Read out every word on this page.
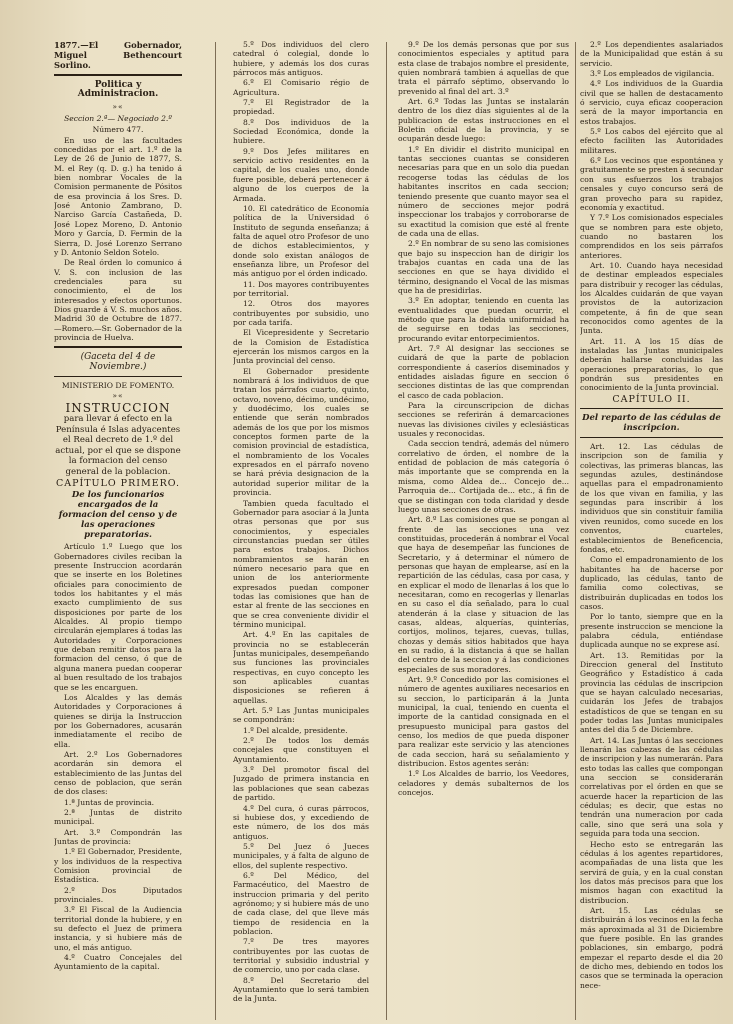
1877.—El Gobernador, Miguel Bethencourt Sorlino.

Politica y Administracion.

»«

Seccion 2.ª— Negociado 2.º

Número 477.

En uso de las facultades concedidas por el art. 1.º de la Ley de 26 de Junio de 1877, S. M. el Rey (q. D. g.) ha tenido á bien nombrar Vocales de la Comision permanente de Pósitos de esa provincia á los Sres. D. José Antonio Zambrano, D. Narciso García Castañeda, D. José Lopez Moreno, D. Antonio Moro y García, D. Fermin de la Sierra, D. José Lorenzo Serrano y D. Antonio Seldon Sotelo.

De Real órden lo comunico á V. S. con inclusion de las credenciales para su conocimiento, el de los interesados y efectos oportunos. Dios guarde á V. S. muchos años. Madrid 30 de Octubre de 1877.—Romero.—Sr. Gobernador de la provincia de Huelva.

(Gaceta del 4 de Noviembre.)

MINISTERIO DE FOMENTO.

»«

INSTRUCCION

para llevar á efecto en la Península é Islas adyacentes el Real decreto de 1.º del actual, por el que se dispone la formacion del censo general de la poblacion.

CAPÍTULO PRIMERO.

De los funcionarios encargados de la formacion del censo y de las operaciones preparatorias.

Artículo 1.º Luego que los Gobernadores civiles reciban la presente Instruccion acordarán que se inserte en los Boletines oficiales para conocimiento de todos los habitantes y el más exacto cumplimiento de sus disposiciones por parte de los Alcaldes. Al propio tiempo circularán ejemplares á todas las Autoridades y Corporaciones que deban remitir datos para la formacion del censo, ó que de alguna manera puedan cooperar al buen resultado de los trabajos que se les encarguen.

Los Alcaldes y las demás Autoridades y Corporaciones á quienes se dirija la Instruccion por los Gobernadores, acusarán inmediatamente el recibo de ella.

Art. 2.º Los Gobernadores acordarán sin demora el establecimiento de las Juntas del censo de poblacion, que serán de dos clases:

1.ª Juntas de provincia.

2.ª Juntas de distrito municipal.

Art. 3.º Compondrán las Juntas de provincia:

1.º El Gobernador, Presidente, y los individuos de la respectiva Comision provincial de Estadística.

2.º Dos Diputados provinciales.

3.º El Fiscal de la Audiencia territorial donde la hubiere, y en su defecto el Juez de primera instancia, y si hubiere más de uno, el más antiguo.

4.º Cuatro Concejales del Ayuntamiento de la capital.

5.º Dos individuos del clero catedral ó colegial, donde lo hubiere, y además los dos curas párrocos más antiguos.

6.º El Comisario régio de Agricultura.

7.º El Registrador de la propiedad.

8.º Dos individuos de la Sociedad Económica, donde la hubiere.

9.º Dos Jefes militares en servicio activo residentes en la capital, de los cuales uno, donde fuere posible, deberá pertenecer á alguno de los cuerpos de la Armada.

10. El catedrático de Economía política de la Universidad ó Instituto de segunda enseñanza; á falta de aquel otro Profesor de uno de dichos establecimientos, y donde solo existan análogos de enseñanza libre, un Profesor del más antiguo por el órden indicado.

11. Dos mayores contribuyentes por territorial.

12. Otros dos mayores contribuyentes por subsidio, uno por cada tarifa.

El Vicepresidente y Secretario de la Comision de Estadística ejercerán los mismos cargos en la Junta provincial del censo.

El Gobernador presidente nombrará á los individuos de que tratan los párrafos cuarto, quinto, octavo, noveno, décimo, undécimo, y duodécimo, los cuales se entiende que serán nombrados además de los que por los mismos conceptos formen parte de la comision provincial de estadística, el nombramiento de los Vocales expresados en el párrafo noveno se hará prévia designacion de la autoridad superior militar de la provincia.

Tambien queda facultado el Gobernador para asociar á la Junta otras personas que por sus conocimientos, y especiales circunstancias puedan ser útiles para estos trabajos. Dichos nombramientos se harán en número necesario para que en union de los anteriormente expresados puedan componer todas las comisiones que han de estar al frente de las secciones en que se crea conveniente dividir el término municipal.

Art. 4.º En las capitales de provincia no se establecerán Juntas municipales, desempeñando sus funciones las provinciales respectivas, en cuyo concepto les son aplicables cuantas disposiciones se refieren á aquellas.

Art. 5.º Las Juntas municipales se compondrán:

1.º Del alcalde, presidente.

2.º De todos los demás concejales que constituyen el Ayuntamiento.

3.º Del promotor fiscal del Juzgado de primera instancia en las poblaciones que sean cabezas de partido.

4.º Del cura, ó curas párrocos, si hubiese dos, y excediendo de este número, de los dos más antiguos.

5.º Del Juez ó Jueces municipales, y á falta de alguno de ellos, del suplente respectivo.

6.º Del Médico, del Farmacéutico, del Maestro de instruccion primaria y del perito agrónomo; y si hubiere más de uno de cada clase, del que lleve más tiempo de residencia en la poblacion.

7.º De tres mayores contribuyentes por las cuotas de territorial y subsidio industrial y de comercio, uno por cada clase.

8.º Del Secretario del Ayuntamiento que lo será tambien de la Junta.

9.º De los demás personas que por sus conocimientos especiales y aptitud para esta clase de trabajos nombre el presidente, quien nombrará tambien á aquellas de que trata el párrafo séptimo, observando lo prevenido al final del art. 3.º

Art. 6.º Todas las Juntas se instalarán dentro de los diez días siguientes al de la publicacion de estas instrucciones en el Boletin oficial de la provincia, y se ocuparán desde luego:

1.º En dividir el distrito municipal en tantas secciones cuantas se consideren necesarias para que en un solo dia puedan recogerse todas las cédulas de los habitantes inscritos en cada seccion; teniendo presente que cuanto mayor sea el número de secciones mejor podrá inspeccionar los trabajos y corroborarse de su exactitud la comision que esté al frente de cada una de ellas.

2.º En nombrar de su seno las comisiones que bajo su inspeccion han de dirigir los trabajos cuantas en cada una de las secciones en que se haya dividido el término, designando el Vocal de las mismas que ha de presidirlas.

3.º En adoptar, teniendo en cuenta las eventualidades que puedan ocurrir, el método que para la debida uniformidad ha de seguirse en todas las secciones, procurando evitar entorpecimientos.

Art. 7.º Al designar las secciones se cuidará de que la parte de poblacion correspondiente á caseríos diseminados y entidades aisladas figure en seccion ó secciones distintas de las que comprendan el casco de cada poblacion.

Para la circunscripcion de dichas secciones se referirán á demarcaciones nuevas las divisiones civiles y eclesiásticas usuales y reconocidas.

Cada seccion tendrá, además del número correlativo de órden, el nombre de la entidad de poblacion de más categoría ó más importante que se comprenda en la misma, como Aldea de... Concejo de... Parroquia de... Cortijada de... etc., á fin de que se distingan con toda claridad y desde luego unas secciones de otras.

Art. 8.º Las comisiones que se pongan al frente de las secciones una vez constituidas, procederán á nombrar el Vocal que haya de desempeñar las funciones de Secretario, y á determinar el número de personas que hayan de emplearse, así en la repartición de las cédulas, casa por casa, y en explicar el modo de llenarlas á los que lo necesitaran, como en recogerlas y llenarlas en su caso el día señalado, para lo cual atenderán á la clase y situacion de las casas, aldeas, alquerías, quinterías, cortijos, molinos, tejares, cuevas, tullas, chozas y demás sitios habitados que haya en su radio, á la distancia á que se hallan del centro de la seccion y á las condiciones especiales de sus moradores.

Art. 9.º Concedido por las comisiones el número de agentes auxiliares necesarios en su seccion, lo participarán á la Junta municipal, la cual, teniendo en cuenta el importe de la cantidad consignada en el presupuesto municipal para gastos del censo, los medios de que pueda disponer para realizar este servicio y las atenciones de cada seccion, hará su señalamiento y distribucion. Estos agentes serán:

1.º Los Alcaldes de barrio, los Veedores, celadores y demás subalternos de los concejos.

2.º Los dependientes asalariados de la Municipalidad que están á su servicio.

3.º Los empleados de vigilancia.

4.º Los individuos de la Guardia civil que se hallen de destacamento ó servicio, cuya eficaz cooperacion será de la mayor importancia en estos trabajos.

5.º Los cabos del ejército que al efecto faciliten las Autoridades militares.

6.º Los vecinos que espontánea y gratuitamente se presten á secundar con sus esfuerzos los trabajos censales y cuyo concurso será de gran provecho para su rapidez, economía y exactitud.

Y 7.º Los comisionados especiales que se nombren para este objeto, cuando no bastaren los comprendidos en los seis párrafos anteriores.

Art. 10. Cuando haya necesidad de destinar empleados especiales para distribuir y recoger las cédulas, los Alcaldes cuidarán de que vayan provistos de la autorizacion competente, á fin de que sean reconocidos como agentes de la Junta.

Art. 11. A los 15 días de instaladas las Juntas municipales deberán hallarse concluidas las operaciones preparatorias, lo que pondrán sus presidentes en conocimiento de la Junta provincial.

CAPÍTULO II.

Del reparto de las cédulas de inscripcion.

Art. 12. Las cédulas de inscripcion son de familia y colectivas, las primeras blancas, las segundas azules, destinándose aquellas para el empadronamiento de los que vivan en familia, y las segundas para inscribir á los individuos que sin constituir familia viven reunidos, como sucede en los conventos, cuarteles, establecimientos de Beneficencia, fondas, etc.

Como el empadronamiento de los habitantes ha de hacerse por duplicado, las cédulas, tanto de familia como colectivas, se distribuirán duplicadas en todos los casos.

Por lo tanto, siempre que en la presente instruccion se mencione la palabra cédula, entiéndase duplicada aunque no se exprese así.

Art. 13. Remitidas por la Direccion general del Instituto Geográfico y Estadístico á cada provincia las cédulas de inscripcion que se hayan calculado necesarias, cuidarán los Jefes de trabajos estadísticos de que se tengan en su poder todas las Juntas municipales antes del dia 5 de Diciembre.

Art. 14. Las Juntas ó las secciones llenarán las cabezas de las cédulas de inscripcion y las numerarán. Para esto todas las calles que compongan una seccion se considerarán correlativas por el órden en que se acuerde hacer la reparticion de las cédulas; es decir, que estas no tendrán una numeracion por cada calle, sino que será una sola y seguida para toda una seccion.

Hecho esto se entregarán las cédulas á los agentes repartidores, acompañadas de una lista que les servirá de guía, y en la cual constan los datos más precisos para que los mismos hagan con exactitud la distribucion.

Art. 15. Las cédulas se distribuirán á los vecinos en la fecha más aproximada al 31 de Diciembre que fuere posible. En las grandes poblaciones, sin embargo, podrá empezar el reparto desde el dia 20 de dicho mes, debiendo en todos los casos que se terminada la operacion nece-
